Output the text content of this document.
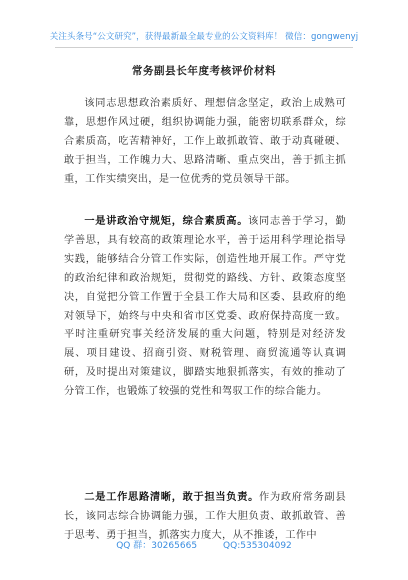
关注头条号“公文研究”，获得最新最全最专业的公文资料库！ 微信：gongwenyj
常务副县长年度考核评价材料

该同志思想政治素质好、理想信念坚定，政治上成熟可靠，思想作风过硬，组织协调能力强，能密切联系群众，综合素质高，吃苦精神好，工作上敢抓敢管、敢于动真碰硬、敢于担当，工作魄力大、思路清晰、重点突出，善于抓主抓重，工作实绩突出，是一位优秀的党员领导干部。

一是讲政治守规矩，综合素质高。该同志善于学习，勤学善思，具有较高的政策理论水平，善于运用科学理论指导实践，能够结合分管工作实际，创造性地开展工作。严守党的政治纪律和政治规矩，贯彻党的路线、方针、政策态度坚决，自觉把分管工作置于全县工作大局和区委、县政府的绝对领导下，始终与中央和省市区党委、政府保持高度一致。平时注重研究事关经济发展的重大问题，特别是对经济发展、项目建设、招商引资、财税管理、商贸流通等认真调研，及时提出对策建议，脚踏实地狠抓落实，有效的推动了分管工作，也锻炼了较强的党性和驾驭工作的综合能力。

二是工作思路清晰，敢于担当负责。作为政府常务副县长，该同志综合协调能力强，工作大胆负责、敢抓敢管、善于思考、勇于担当，抓落实力度大，从不推诿，工作中

QQ 群：30265665	QQ:535304092
